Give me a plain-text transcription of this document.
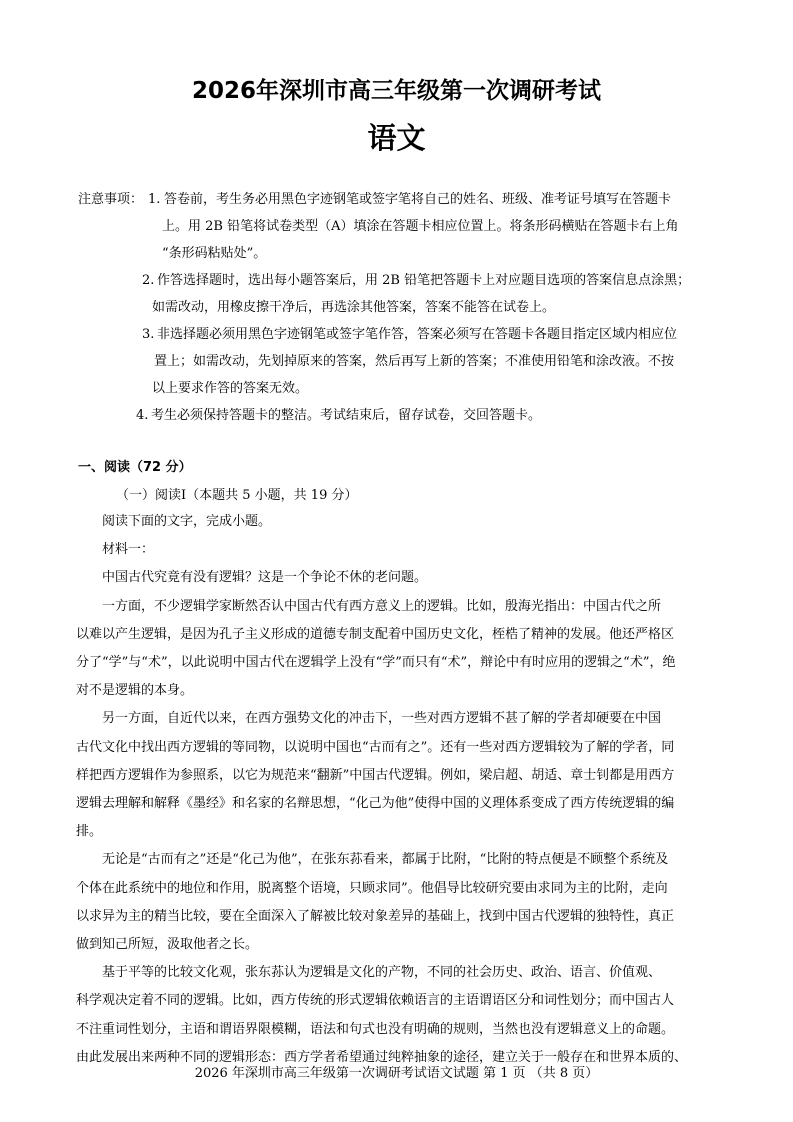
2026年深圳市高三年级第一次调研考试
语文
注意事项： 1. 答卷前，考生务必用黑色字迹钢笔或签字笔将自己的姓名、班级、准考证号填写在答题卡
上。用 2B 铅笔将试卷类型（A）填涂在答题卡相应位置上。将条形码横贴在答题卡右上角
“条形码粘贴处”。
2. 作答选择题时，选出每小题答案后，用 2B 铅笔把答题卡上对应题目选项的答案信息点涂黑；
如需改动，用橡皮擦干净后，再选涂其他答案，答案不能答在试卷上。
3. 非选择题必须用黑色字迹钢笔或签字笔作答，答案必须写在答题卡各题目指定区域内相应位
置上；如需改动，先划掉原来的答案，然后再写上新的答案；不准使用铅笔和涂改液。不按
以上要求作答的答案无效。
4. 考生必须保持答题卡的整洁。考试结束后，留存试卷，交回答题卡。
一、阅读（72 分）
（一）阅读Ⅰ（本题共 5 小题，共 19 分）

阅读下面的文字，完成小题。

材料一：

中国古代究竟有没有逻辑？这是一个争论不休的老问题。

一方面，不少逻辑学家断然否认中国古代有西方意义上的逻辑。比如，殷海光指出：中国古代之所
以难以产生逻辑，是因为孔子主义形成的道德专制支配着中国历史文化，桎梏了精神的发展。他还严格区
分了“学”与“术”，以此说明中国古代在逻辑学上没有“学”而只有“术”，辩论中有时应用的逻辑之“术”，绝
对不是逻辑的本身。

另一方面，自近代以来，在西方强势文化的冲击下，一些对西方逻辑不甚了解的学者却硬要在中国
古代文化中找出西方逻辑的等同物，以说明中国也“古而有之”。还有一些对西方逻辑较为了解的学者，同
样把西方逻辑作为参照系，以它为规范来“翻新”中国古代逻辑。例如，梁启超、胡适、章士钊都是用西方
逻辑去理解和解释《墨经》和名家的名辩思想，“化己为他”使得中国的义理体系变成了西方传统逻辑的编
排。

无论是“古而有之”还是“化己为他”，在张东荪看来，都属于比附，“比附的特点便是不顾整个系统及
个体在此系统中的地位和作用，脱离整个语境，只顾求同”。他倡导比较研究要由求同为主的比附，走向
以求异为主的精当比较，要在全面深入了解被比较对象差异的基础上，找到中国古代逻辑的独特性，真正
做到知己所短，汲取他者之长。

基于平等的比较文化观，张东荪认为逻辑是文化的产物，不同的社会历史、政治、语言、价值观、
科学观决定着不同的逻辑。比如，西方传统的形式逻辑依赖语言的主语谓语区分和词性划分；而中国古人
不注重词性划分，主语和谓语界限模糊，语法和句式也没有明确的规则，当然也没有逻辑意义上的命题。
由此发展出来两种不同的逻辑形态：西方学者希望通过纯粹抽象的途径，建立关于一般存在和世界本质的、

2026 年深圳市高三年级第一次调研考试语文试题 第 1 页 （共 8 页）
